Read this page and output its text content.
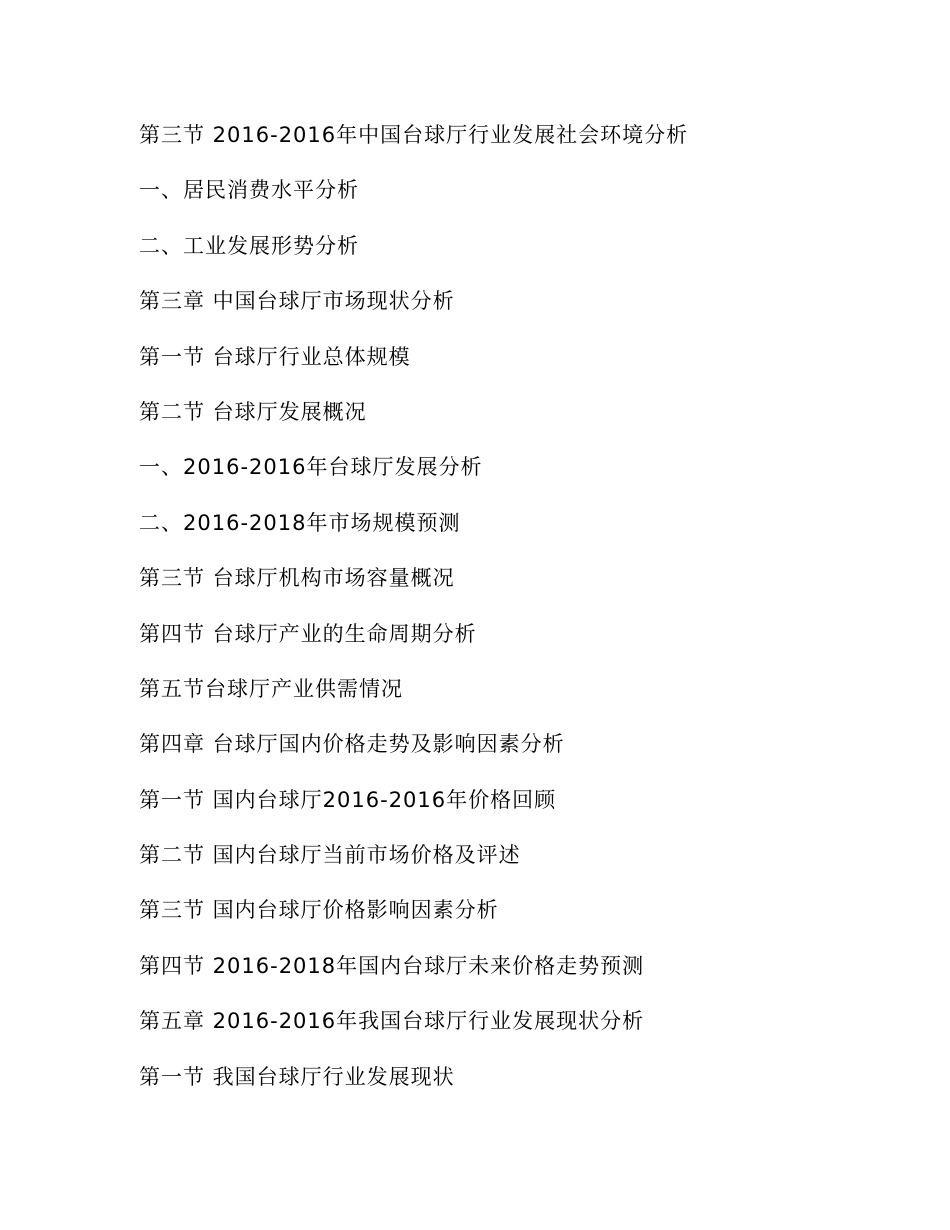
第三节 2016-2016年中国台球厅行业发展社会环境分析
一、居民消费水平分析
二、工业发展形势分析
第三章 中国台球厅市场现状分析
第一节 台球厅行业总体规模
第二节 台球厅发展概况
一、2016-2016年台球厅发展分析
二、2016-2018年市场规模预测
第三节 台球厅机构市场容量概况
第四节 台球厅产业的生命周期分析
第五节台球厅产业供需情况
第四章 台球厅国内价格走势及影响因素分析
第一节 国内台球厅2016-2016年价格回顾
第二节 国内台球厅当前市场价格及评述
第三节 国内台球厅价格影响因素分析
第四节 2016-2018年国内台球厅未来价格走势预测
第五章 2016-2016年我国台球厅行业发展现状分析
第一节 我国台球厅行业发展现状
